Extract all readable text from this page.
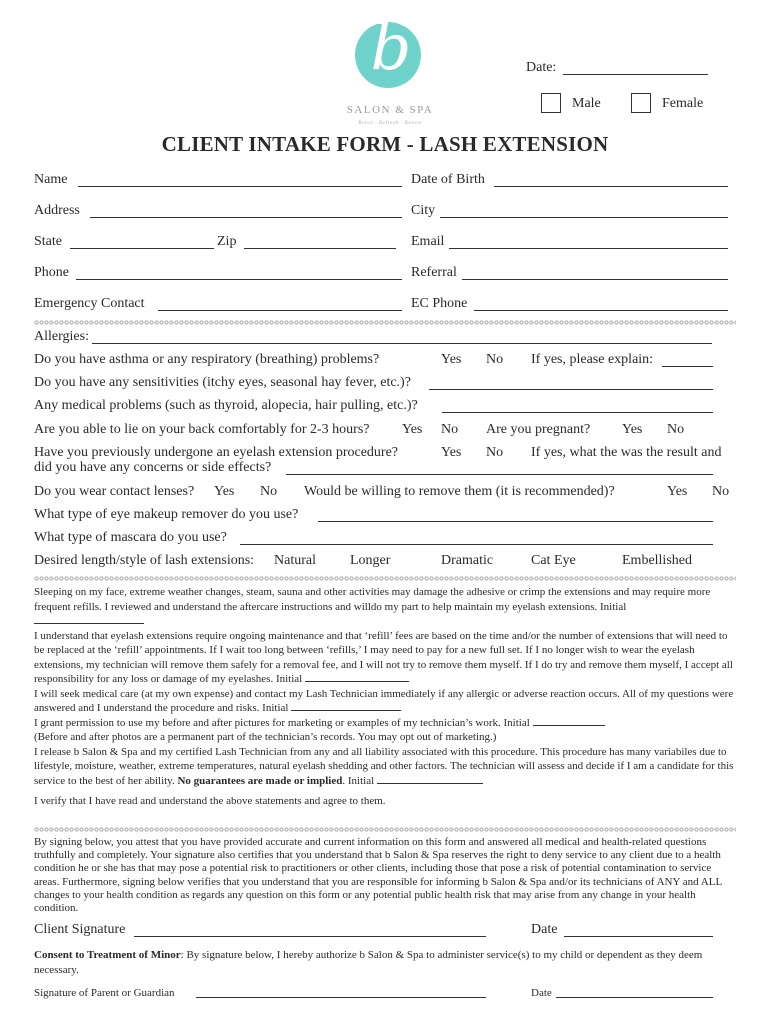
b
SALON & SPA
Relax · Refresh · Renew
Date:
Male	Female
CLIENT INTAKE FORM - LASH EXTENSION
Name	Date of Birth
Address	City
State	Zip	Email
Phone	Referral
Emergency Contact	EC Phone
Allergies:
Do you have asthma or any respiratory (breathing) problems?	Yes No If yes, please explain:
Do you have any sensitivities (itchy eyes, seasonal hay fever, etc.)?
Any medical problems (such as thyroid, alopecia, hair pulling, etc.)?
Are you able to lie on your back comfortably for 2-3 hours? Yes No Are you pregnant? Yes No
Have you previously undergone an eyelash extension procedure?	Yes No If yes, what the was the result and
did you have any concerns or side effects?
Do you wear contact lenses? Yes No Would be willing to remove them (it is recommended)?	Yes No
What type of eye makeup remover do you use?
What type of mascara do you use?
Desired length/style of lash extensions: Natural Longer	Dramatic	Cat Eye	Embellished
Sleeping on my face, extreme weather changes, steam, sauna and other activities may damage the adhesive or crimp the extensions and may require more frequent refills. I reviewed and understand the aftercare instructions and willdo my part to help maintain my eyelash extensions. Initial
I understand that eyelash extensions require ongoing maintenance and that ‘refill’ fees are based on the time and/or the number of extensions that will need to be replaced at the ‘refill’ appointments. If I wait too long between ‘refills,’ I may need to pay for a new full set. If I no longer wish to wear the eyelash extensions, my technician will remove them safely for a removal fee, and I will not try to remove them myself. If I do try and remove them myself, I accept all responsibility for any loss or damage of my eyelashes. Initial
I will seek medical care (at my own expense) and contact my Lash Technician immediately if any allergic or adverse reaction occurs. All of my questions were answered and I understand the procedure and risks. Initial
I grant permission to use my before and after pictures for marketing or examples of my technician’s work. Initial
(Before and after photos are a permanent part of the technician’s records. You may opt out of marketing.)
I release b Salon & Spa and my certified Lash Technician from any and all liability associated with this procedure. This procedure has many variabiles due to lifestyle, moisture, weather, extreme temperatures, natural eyelash shedding and other factors. The technician will assess and decide if I am a candidate for this service to the best of her ability. No guarantees are made or implied. Initial
I verify that I have read and understand the above statements and agree to them.
By signing below, you attest that you have provided accurate and current information on this form and answered all medical and health-related questions truthfully and completely. Your signature also certifies that you understand that b Salon & Spa reserves the right to deny service to any client due to a health condition he or she has that may pose a potential risk to practitioners or other clients, including those that pose a risk of potential contamination to service areas. Furthermore, signing below verifies that you understand that you are responsible for informing b Salon & Spa and/or its technicians of ANY and ALL changes to your health condition as regards any question on this form or any potential public health risk that may arise from any change in your health condition.
Client Signature	Date
Consent to Treatment of Minor: By signature below, I hereby authorize b Salon & Spa to administer service(s) to my child or dependent as they deem necessary.
Signature of Parent or Guardian	Date
